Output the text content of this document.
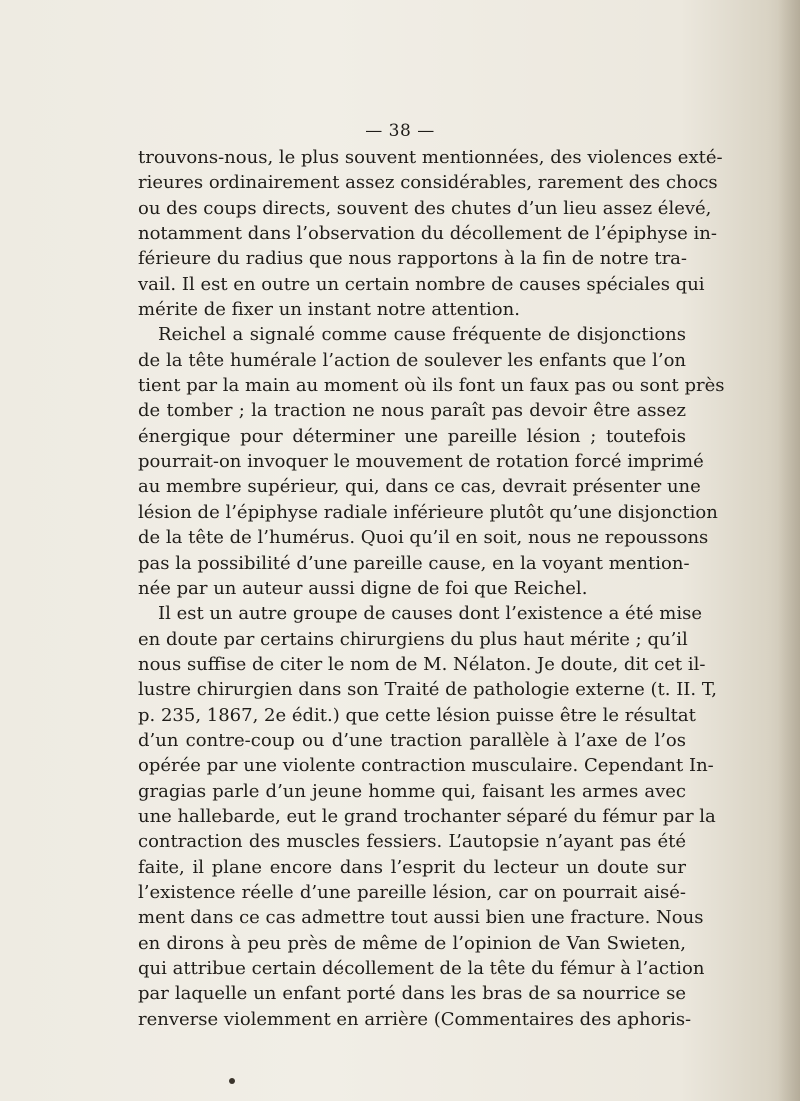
— 38 —
trouvons-nous, le plus souvent mentionnées, des violences exté-
rieures ordinairement assez considérables, rarement des chocs
ou des coups directs, souvent des chutes d’un lieu assez élevé,
notamment dans l’observation du décollement de l’épiphyse in-
férieure du radius que nous rapportons à la fin de notre tra-
vail. Il est en outre un certain nombre de causes spéciales qui
mérite de fixer un instant notre attention.
Reichel a signalé comme cause fréquente de disjonctions
de la tête humérale l’action de soulever les enfants que l’on
tient par la main au moment où ils font un faux pas ou sont près
de tomber ; la traction ne nous paraît pas devoir être assez
énergique pour déterminer une pareille lésion ; toutefois
pourrait-on invoquer le mouvement de rotation forcé imprimé
au membre supérieur, qui, dans ce cas, devrait présenter une
lésion de l’épiphyse radiale inférieure plutôt qu’une disjonction
de la tête de l’humérus. Quoi qu’il en soit, nous ne repoussons
pas la possibilité d’une pareille cause, en la voyant mention-
née par un auteur aussi digne de foi que Reichel.
Il est un autre groupe de causes dont l’existence a été mise
en doute par certains chirurgiens du plus haut mérite ; qu’il
nous suffise de citer le nom de M. Nélaton. Je doute, dit cet il-
lustre chirurgien dans son Traité de pathologie externe (t. II. T,
p. 235, 1867, 2e édit.) que cette lésion puisse être le résultat
d’un contre-coup ou d’une traction parallèle à l’axe de l’os
opérée par une violente contraction musculaire. Cependant In-
gragias parle d’un jeune homme qui, faisant les armes avec
une hallebarde, eut le grand trochanter séparé du fémur par la
contraction des muscles fessiers. L’autopsie n’ayant pas été
faite, il plane encore dans l’esprit du lecteur un doute sur
l’existence réelle d’une pareille lésion, car on pourrait aisé-
ment dans ce cas admettre tout aussi bien une fracture. Nous
en dirons à peu près de même de l’opinion de Van Swieten,
qui attribue certain décollement de la tête du fémur à l’action
par laquelle un enfant porté dans les bras de sa nourrice se
renverse violemment en arrière (Commentaires des aphoris-
